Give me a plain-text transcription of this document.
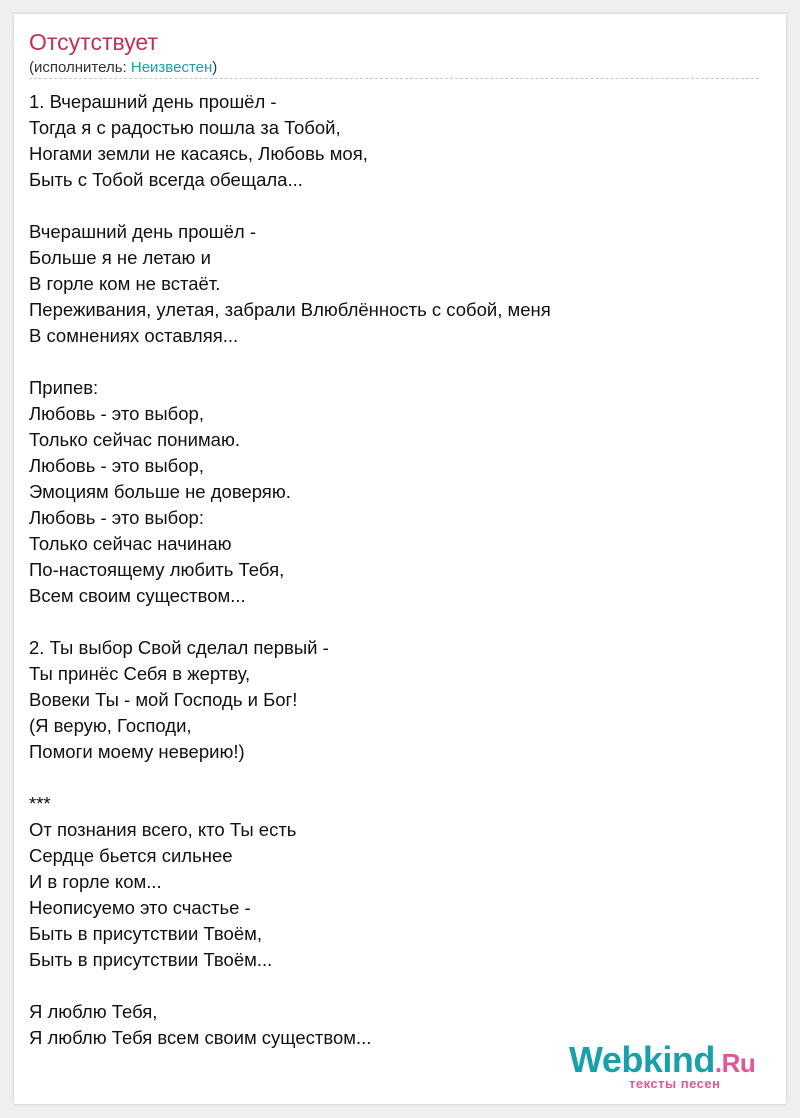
Отсутствует
(исполнитель: Неизвестен)
1. Вчерашний день прошёл -
Тогда я с радостью пошла за Тобой,
Ногами земли не касаясь, Любовь моя,
Быть с Тобой всегда обещала...
Вчерашний день прошёл -
Больше я не летаю и
В горле ком не встаёт.
Переживания, улетая, забрали Влюблённость с собой, меня
В сомнениях оставляя...
Припев:
Любовь - это выбор,
Только сейчас понимаю.
Любовь - это выбор,
Эмоциям больше не доверяю.
Любовь - это выбор:
Только сейчас начинаю
По-настоящему любить Тебя,
Всем своим существом...
2. Ты выбор Свой сделал первый -
Ты принёс Себя в жертву,
Вовеки Ты - мой Господь и Бог!
(Я верую, Господи,
Помоги моему неверию!)
***
От познания всего, кто Ты есть
Сердце бьется сильнее
И в горле ком...
Неописуемо это счастье -
Быть в присутствии Твоём,
Быть в присутствии Твоём...
Я люблю Тебя,
Я люблю Тебя всем своим существом...
Webkind.Ru
тексты песен
